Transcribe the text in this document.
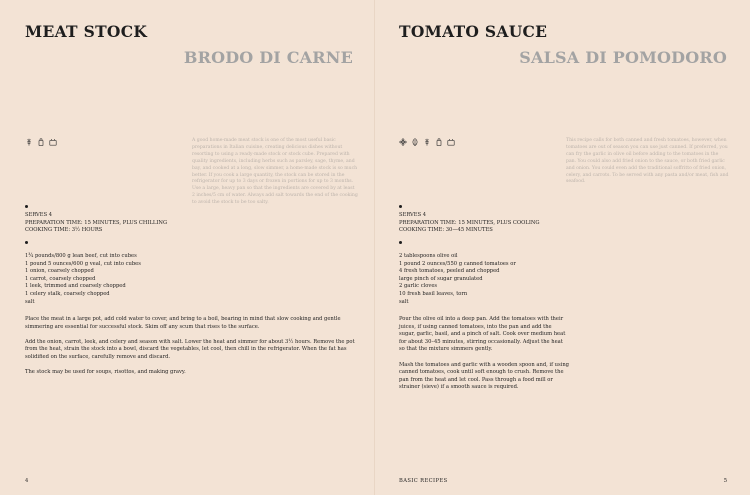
MEAT STOCK
BRODO DI CARNE

A good home-made meat stock is one of the most useful basic preparations in Italian cuisine, creating delicious dishes without resorting to using a ready-made stock or stock cube. Prepared with quality ingredients, including herbs such as parsley, sage, thyme, and bay, and cooked at a long, slow simmer, a home-made stock is so much better. If you cook a large quantity, the stock can be stored in the refrigerator for up to 3 days or frozen in portions for up to 3 months. Use a large, heavy pan so that the ingredients are covered by at least 2 inches/5 cm of water. Always add salt towards the end of the cooking to avoid the stock to be too salty.

SERVES 4
PREPARATION TIME: 15 MINUTES, PLUS CHILLING
COOKING TIME: 3½ HOURS
1¾ pounds/800 g lean beef, cut into cubes
1 pound 5 ounces/600 g veal, cut into cubes
1 onion, coarsely chopped
1 carrot, coarsely chopped
1 leek, trimmed and coarsely chopped
1 celery stalk, coarsely chopped
salt

Place the meat in a large pot, add cold water to cover, and bring to a boil, bearing in mind that slow cooking and gentle simmering are essential for successful stock. Skim off any scum that rises to the surface.

Add the onion, carrot, leek, and celery and season with salt. Lower the heat and simmer for about 3½ hours. Remove the pot from the heat, strain the stock into a bowl, discard the vegetables, let cool, then chill in the refrigerator. When the fat has solidified on the surface, carefully remove and discard.

The stock may be used for soups, risottos, and making gravy.

4
TOMATO SAUCE
SALSA DI POMODORO

This recipe calls for both canned and fresh tomatoes, however, when tomatoes are out of season you can use just canned. If preferred, you can fry the garlic in olive oil before adding to the tomatoes in the pan. You could also add fried onion to the sauce, or both fried garlic and onion. You could even add the traditional soffritto of fried onion, celery, and carrots. To be served with any pasta and/or meat, fish and seafood.

SERVES 4
PREPARATION TIME: 15 MINUTES, PLUS COOLING
COOKING TIME: 30—45 MINUTES
2 tablespoons olive oil
1 pound 2 ounces/550 g canned tomatoes or
4 fresh tomatoes, peeled and chopped
large pinch of sugar granulated
2 garlic cloves
10 fresh basil leaves, torn
salt

Pour the olive oil into a deep pan. Add the tomatoes with their juices, if using canned tomatoes, into the pan and add the sugar, garlic, basil, and a pinch of salt. Cook over medium heat for about 30–45 minutes, stirring occasionally. Adjust the heat so that the mixture simmers gently.

Mash the tomatoes and garlic with a wooden spoon and, if using canned tomatoes, cook until soft enough to crush. Remove the pan from the heat and let cool. Pass through a food mill or strainer (sieve) if a smooth sauce is required.

BASIC RECIPES	5
